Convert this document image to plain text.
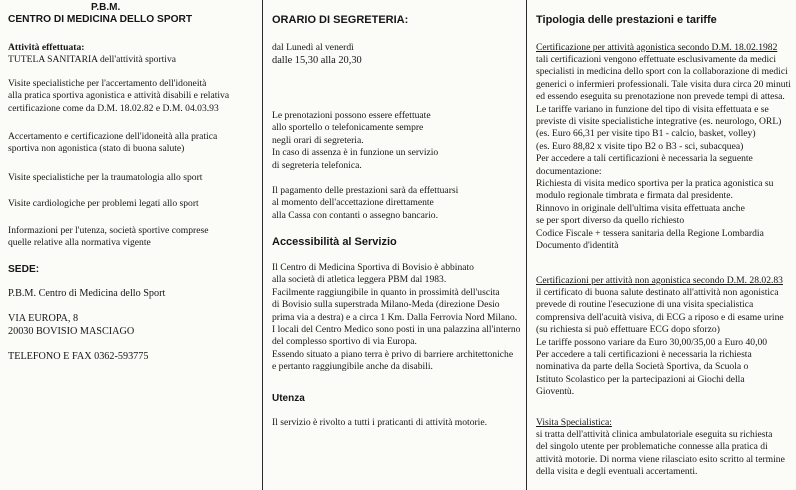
P.B.M.
CENTRO DI MEDICINA DELLO SPORT
Attività effettuata:
TUTELA SANITARIA dell'attività sportiva
Visite specialistiche per l'accertamento dell'idoneità
alla pratica sportiva agonistica e attività disabili e relativa
certificazione come da D.M. 18.02.82 e D.M. 04.03.93
Accertamento e certificazione dell'idoneità alla pratica
sportiva non agonistica (stato di buona salute)
Visite specialistiche per la traumatologia allo sport
Visite cardiologiche per problemi legati allo sport
Informazioni per l'utenza, società sportive comprese
quelle relative alla normativa vigente
SEDE:
P.B.M. Centro di Medicina dello Sport
VIA EUROPA, 8
20030 BOVISIO MASCIAGO
TELEFONO E FAX 0362-593775
ORARIO DI SEGRETERIA:
dal Lunedì al venerdì
dalle 15,30 alla 20,30
Le prenotazioni possono essere effettuate
allo sportello o telefonicamente sempre
negli orari di segreteria.
In caso di assenza è in funzione un servizio
di segreteria telefonica.
Il pagamento delle prestazioni sarà da effettuarsi
al momento dell'accettazione direttamente
alla Cassa con contanti o assegno bancario.
Accessibilità al Servizio
Il Centro di Medicina Sportiva di Bovisio è abbinato
alla società di atletica leggera PBM dal 1983.
Facilmente raggiungibile in quanto in prossimità dell'uscita
di Bovisio sulla superstrada Milano-Meda (direzione Desio
prima via a destra) e a circa 1 Km. Dalla Ferrovia Nord Milano.
I locali del Centro Medico sono posti in una palazzina all'interno
del complesso sportivo di via Europa.
Essendo situato a piano terra è privo di barriere architettoniche
e pertanto raggiungibile anche da disabili.
Utenza
Il servizio è rivolto a tutti i praticanti di attività motorie.
Tipologia delle prestazioni e tariffe
Certificazione per attività agonistica secondo D.M. 18.02.1982
tali certificazioni vengono effettuate esclusivamente da medici
specialisti in medicina dello sport con la collaborazione di medici
generici o infermieri professionali. Tale visita dura circa 20 minuti
ed essendo eseguita su prenotazione non prevede tempi di attesa.
Le tariffe variano in funzione del tipo di visita effettuata e se
previste di visite specialistiche integrative (es. neurologo, ORL)
(es. Euro 66,31 per visite tipo B1 - calcio, basket, volley)
(es. Euro 88,82 x visite tipo B2 o B3 - sci, subacquea)
Per accedere a tali certificazioni è necessaria la seguente
documentazione:
Richiesta di visita medico sportiva per la pratica agonistica su
modulo regionale timbrata e firmata dal presidente.
Rinnovo in originale dell'ultima visita effettuata anche
se per sport diverso da quello richiesto
Codice Fiscale + tessera sanitaria della Regione Lombardia
Documento d'identità
Certificazioni per attività non agonistica secondo D.M. 28.02.83
il certificato di buona salute destinato all'attività non agonistica
prevede di routine l'esecuzione di una visita specialistica
comprensiva dell'acuità visiva, di ECG a riposo e di esame urine
(su richiesta si può effettuare ECG dopo sforzo)
Le tariffe possono variare da Euro 30,00/35,00 a Euro 40,00
Per accedere a tali certificazioni è necessaria la richiesta
nominativa da parte della Società Sportiva, da Scuola o
Istituto Scolastico per la partecipazioni ai Giochi della
Gioventù.
Visita Specialistica:
si tratta dell'attività clinica ambulatoriale eseguita su richiesta
del singolo utente per problematiche connesse alla pratica di
attività motorie. Di norma viene rilasciato esito scritto al termine
della visita e degli eventuali accertamenti.
